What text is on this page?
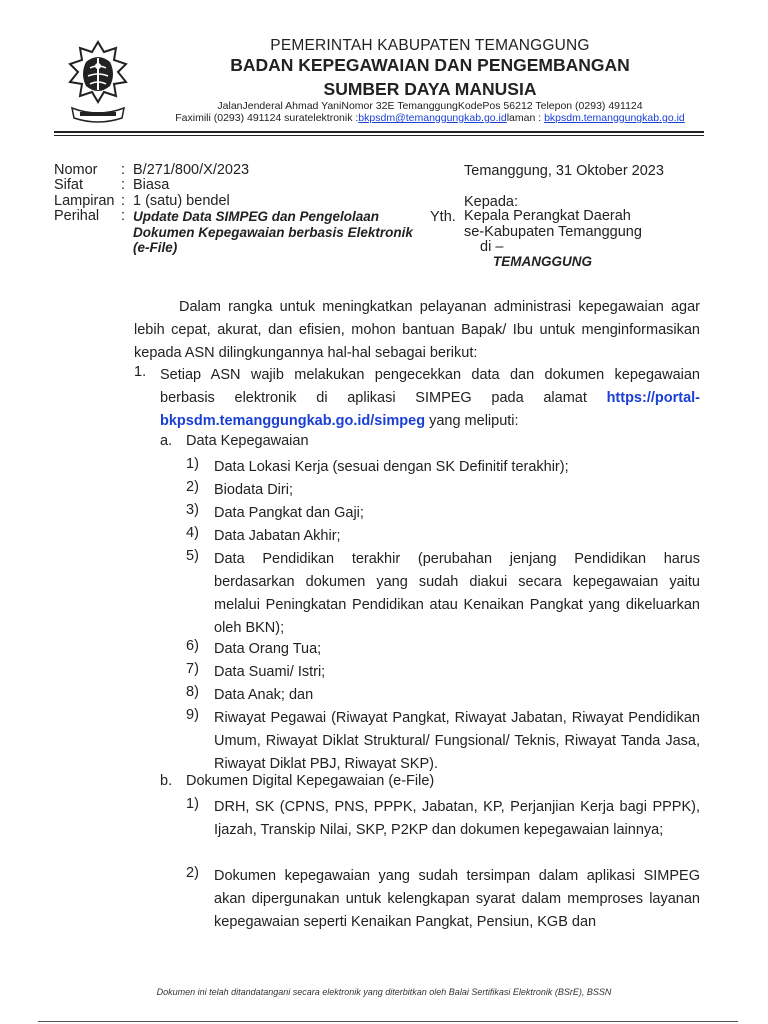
PEMERINTAH KABUPATEN TEMANGGUNG
BADAN KEPEGAWAIAN DAN PENGEMBANGAN
SUMBER DAYA MANUSIA
JalanJenderal Ahmad YaniNomor 32E TemanggungKodePos 56212 Telepon (0293) 491124
Faximili (0293) 491124 suratelektronik :bkpsdm@temanggungkab.go.idlaman : bkpsdm.temanggungkab.go.id
Nomor : B/271/800/X/2023
Sifat	: Biasa
Lampiran : 1 (satu) bendel
Perihal : Update Data SIMPEG dan Pengelolaan Dokumen Kepegawaian berbasis Elektronik (e-File)
Temanggung, 31 Oktober 2023
Kepada:
Yth. Kepala Perangkat Daerah
se-Kabupaten Temanggung
di –
TEMANGGUNG
Dalam rangka untuk meningkatkan pelayanan administrasi kepegawaian agar lebih cepat, akurat, dan efisien, mohon bantuan Bapak/ Ibu untuk menginformasikan kepada ASN dilingkungannya hal-hal sebagai berikut:
1. Setiap ASN wajib melakukan pengecekkan data dan dokumen kepegawaian berbasis elektronik di aplikasi SIMPEG pada alamat https://portal-bkpsdm.temanggungkab.go.id/simpeg yang meliputi:
a. Data Kepegawaian
1) Data Lokasi Kerja (sesuai dengan SK Definitif terakhir);
2) Biodata Diri;
3) Data Pangkat dan Gaji;
4) Data Jabatan Akhir;
5) Data Pendidikan terakhir (perubahan jenjang Pendidikan harus berdasarkan dokumen yang sudah diakui secara kepegawaian yaitu melalui Peningkatan Pendidikan atau Kenaikan Pangkat yang dikeluarkan oleh BKN);
6) Data Orang Tua;
7) Data Suami/ Istri;
8) Data Anak; dan
9) Riwayat Pegawai (Riwayat Pangkat, Riwayat Jabatan, Riwayat Pendidikan Umum, Riwayat Diklat Struktural/ Fungsional/ Teknis, Riwayat Tanda Jasa, Riwayat Diklat PBJ, Riwayat SKP).
b. Dokumen Digital Kepegawaian (e-File)
1) DRH, SK (CPNS, PNS, PPPK, Jabatan, KP, Perjanjian Kerja bagi PPPK), Ijazah, Transkip Nilai, SKP, P2KP dan dokumen kepegawaian lainnya;
2) Dokumen kepegawaian yang sudah tersimpan dalam aplikasi SIMPEG akan dipergunakan untuk kelengkapan syarat dalam memproses layanan kepegawaian seperti Kenaikan Pangkat, Pensiun, KGB dan
Dokumen ini telah ditandatangani secara elektronik yang diterbitkan oleh Balai Sertifikasi Elektronik (BSrE), BSSN
